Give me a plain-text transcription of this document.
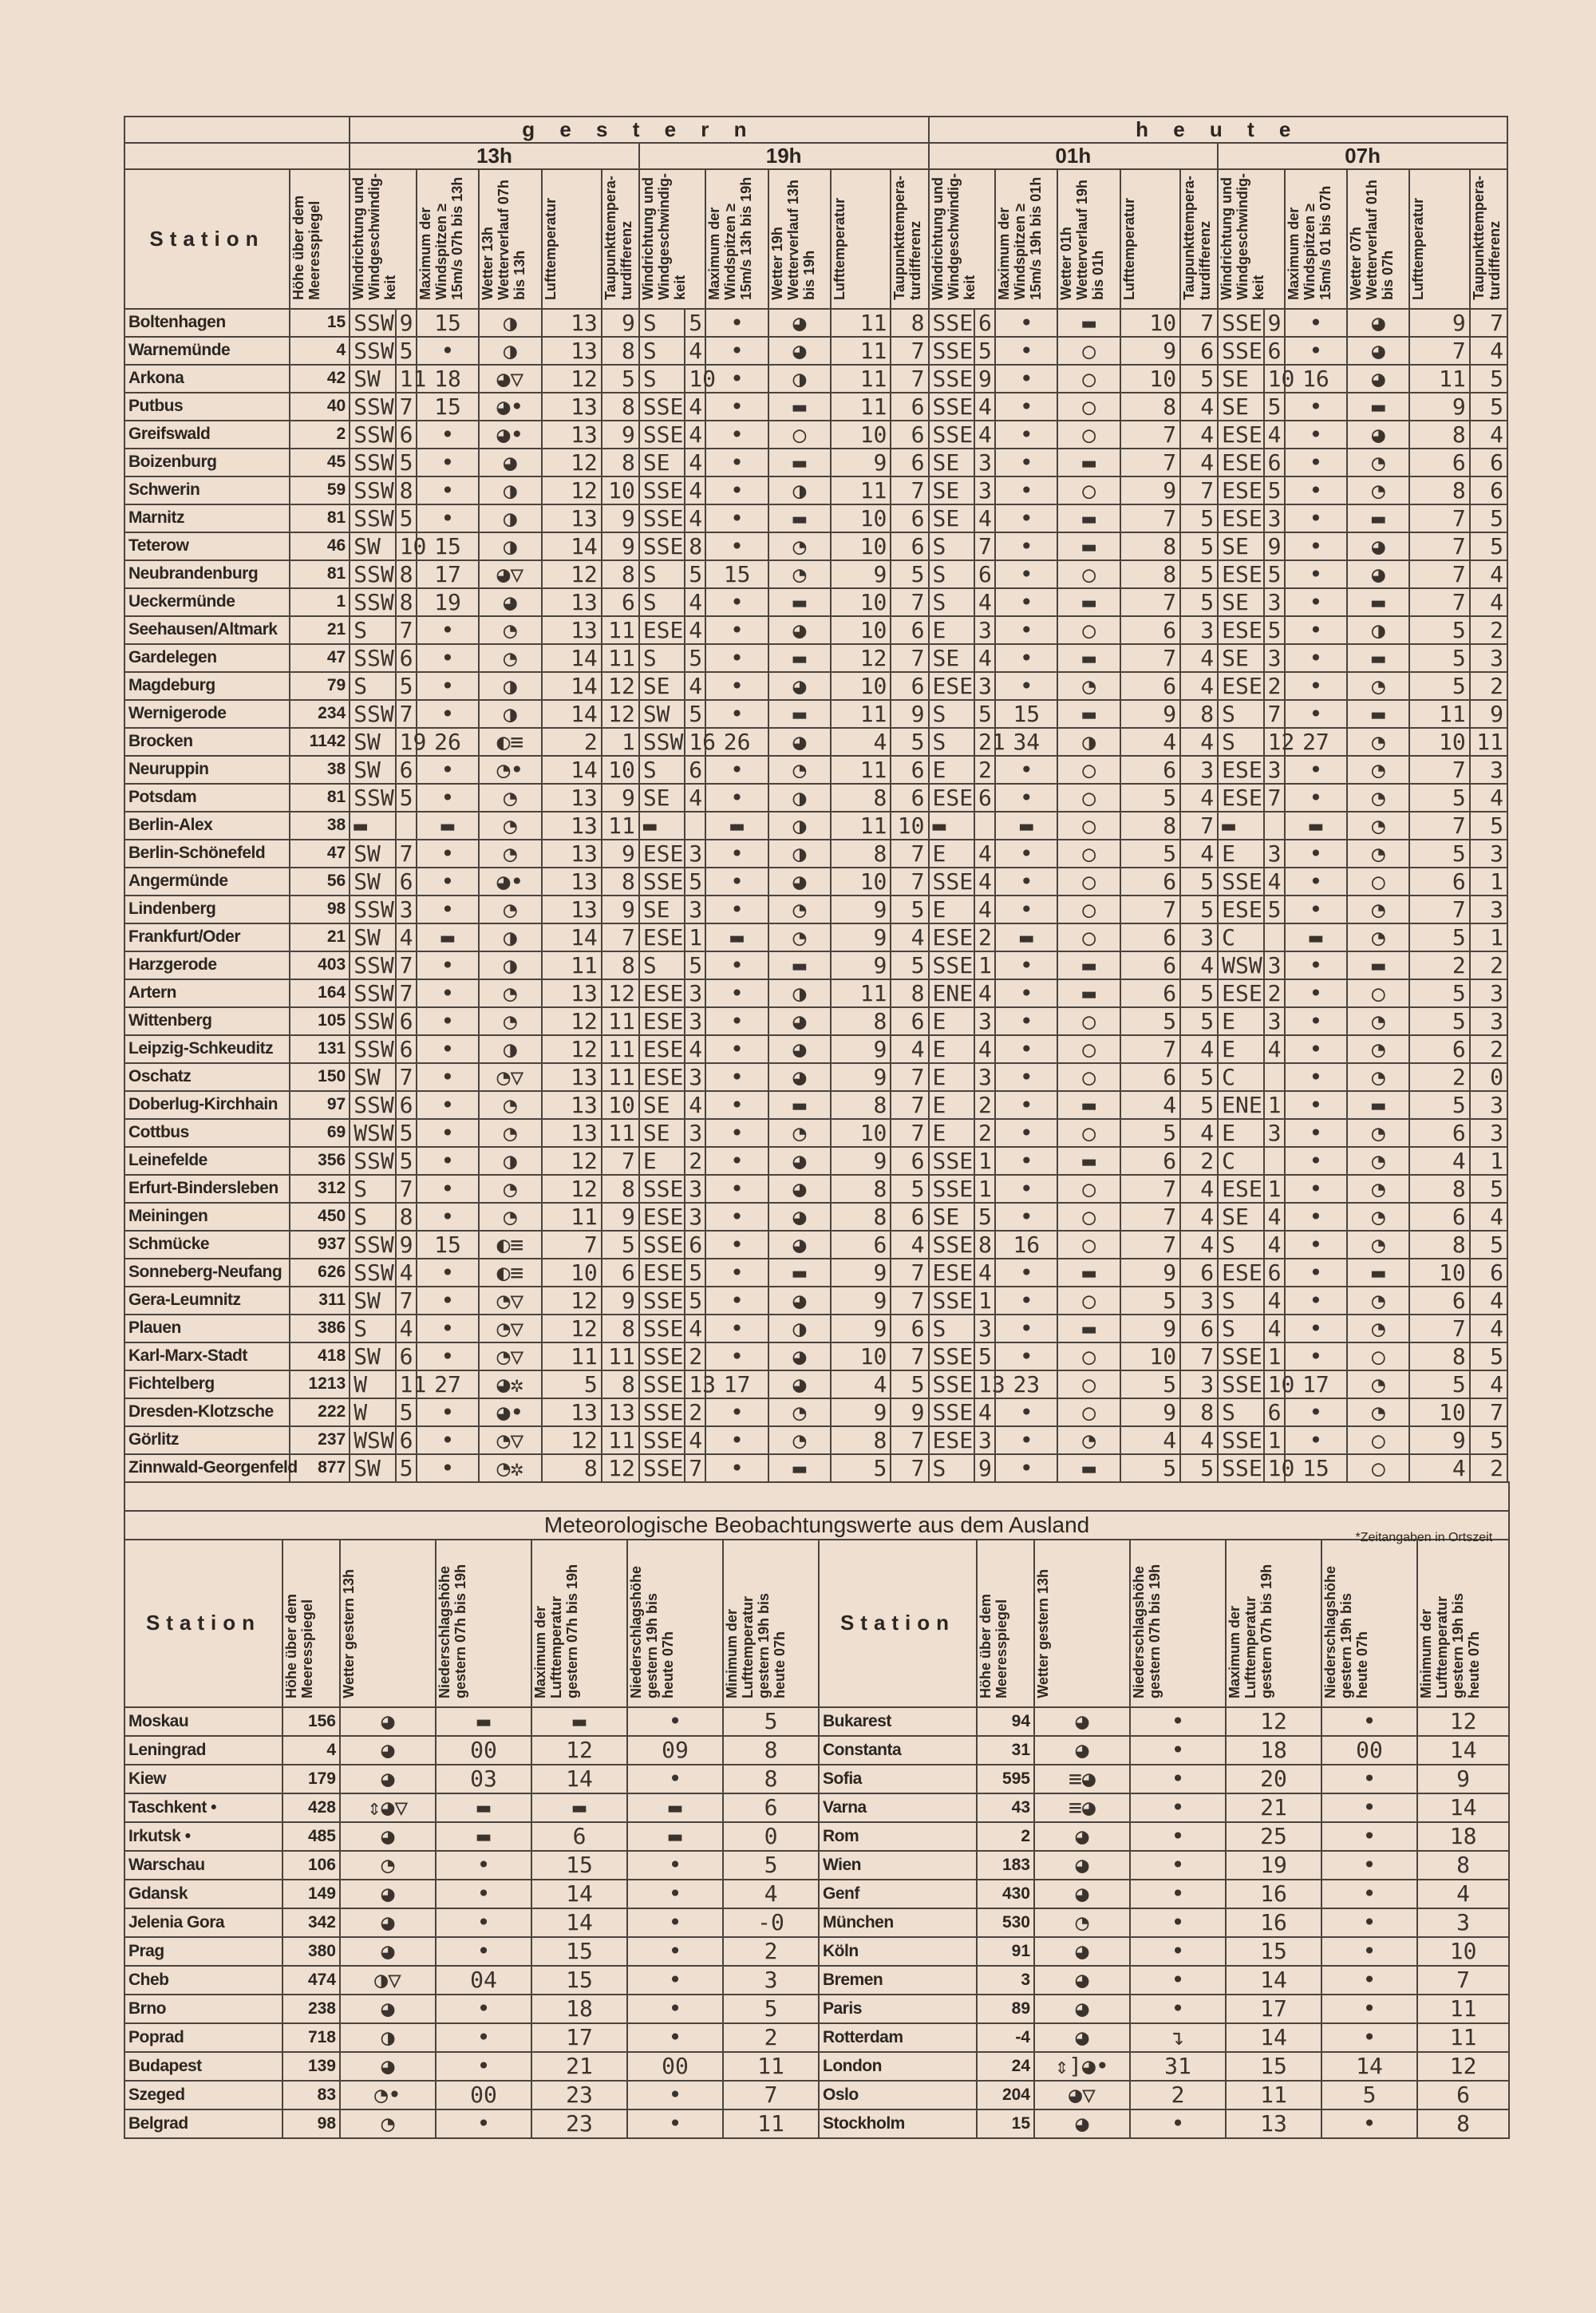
		g e s t e r n												h e u t e											
		13h						19h						01h						07h					
Station	Höhe über dem Meeresspiegel	Windrichtung und Windgeschwindig-keit		Maximum der Windspitzen ≥ 15m/s 07h bis 13h	Wetter 13h Wetterverlauf 07h bis 13h	Lufttemperatur	Taupunkttempera-turdifferenz	Windrichtung und Windgeschwindig-keit		Maximum der Windspitzen ≥ 15m/s 13h bis 19h	Wetter 19h Wetterverlauf 13h bis 19h	Lufttemperatur	Taupunkttempera-turdifferenz	Windrichtung und Windgeschwindig-keit		Maximum der Windspitzen ≥ 15m/s 19h bis 01h	Wetter 01h Wetterverlauf 19h bis 01h	Lufttemperatur	Taupunkttempera-turdifferenz	Windrichtung und Windgeschwindig-keit		Maximum der Windspitzen ≥ 15m/s 01 bis 07h	Wetter 07h Wetterverlauf 01h bis 07h	Lufttemperatur	Taupunkttempera-turdifferenz
Boltenhagen	15	SSW	9	15	◑	13	9	S	5	•	◕	11	8	SSE	6	•	▬	10	7	SSE	9	•	◕	9	7
Warnemünde	4	SSW	5	•	◑	13	8	S	4	•	◕	11	7	SSE	5	•	○	9	6	SSE	6	•	◕	7	4
Arkona	42	SW	11	18	◕▽	12	5	S	10	•	◑	11	7	SSE	9	•	○	10	5	SE	10	16	◕	11	5
Putbus	40	SSW	7	15	◕•	13	8	SSE	4	•	▬	11	6	SSE	4	•	○	8	4	SE	5	•	▬	9	5
Greifswald	2	SSW	6	•	◕•	13	9	SSE	4	•	○	10	6	SSE	4	•	○	7	4	ESE	4	•	◕	8	4
Boizenburg	45	SSW	5	•	◕	12	8	SE	4	•	▬	9	6	SE	3	•	▬	7	4	ESE	6	•	◔	6	6
Schwerin	59	SSW	8	•	◑	12	10	SSE	4	•	◑	11	7	SE	3	•	○	9	7	ESE	5	•	◔	8	6
Marnitz	81	SSW	5	•	◑	13	9	SSE	4	•	▬	10	6	SE	4	•	▬	7	5	ESE	3	•	▬	7	5
Teterow	46	SW	10	15	◑	14	9	SSE	8	•	◔	10	6	S	7	•	▬	8	5	SE	9	•	◕	7	5
Neubrandenburg	81	SSW	8	17	◕▽	12	8	S	5	15	◔	9	5	S	6	•	○	8	5	ESE	5	•	◕	7	4
Ueckermünde	1	SSW	8	19	◕	13	6	S	4	•	▬	10	7	S	4	•	▬	7	5	SE	3	•	▬	7	4
Seehausen/Altmark	21	S	7	•	◔	13	11	ESE	4	•	◕	10	6	E	3	•	○	6	3	ESE	5	•	◑	5	2
Gardelegen	47	SSW	6	•	◔	14	11	S	5	•	▬	12	7	SE	4	•	▬	7	4	SE	3	•	▬	5	3
Magdeburg	79	S	5	•	◑	14	12	SE	4	•	◕	10	6	ESE	3	•	◔	6	4	ESE	2	•	◔	5	2
Wernigerode	234	SSW	7	•	◑	14	12	SW	5	•	▬	11	9	S	5	15	▬	9	8	S	7	•	▬	11	9
Brocken	1142	SW	19	26	◐≡	2	1	SSW	16	26	◕	4	5	S	21	34	◑	4	4	S	12	27	◔	10	11
Neuruppin	38	SW	6	•	◔•	14	10	S	6	•	◔	11	6	E	2	•	○	6	3	ESE	3	•	◔	7	3
Potsdam	81	SSW	5	•	◔	13	9	SE	4	•	◑	8	6	ESE	6	•	○	5	4	ESE	7	•	◔	5	4
Berlin-Alex	38	▬		▬	◔	13	11	▬		▬	◑	11	10	▬		▬	○	8	7	▬		▬	◔	7	5
Berlin-Schönefeld	47	SW	7	•	◔	13	9	ESE	3	•	◑	8	7	E	4	•	○	5	4	E	3	•	◔	5	3
Angermünde	56	SW	6	•	◕•	13	8	SSE	5	•	◕	10	7	SSE	4	•	○	6	5	SSE	4	•	○	6	1
Lindenberg	98	SSW	3	•	◔	13	9	SE	3	•	◔	9	5	E	4	•	○	7	5	ESE	5	•	◔	7	3
Frankfurt/Oder	21	SW	4	▬	◑	14	7	ESE	1	▬	◔	9	4	ESE	2	▬	○	6	3	C		▬	◔	5	1
Harzgerode	403	SSW	7	•	◑	11	8	S	5	•	▬	9	5	SSE	1	•	▬	6	4	WSW	3	•	▬	2	2
Artern	164	SSW	7	•	◔	13	12	ESE	3	•	◑	11	8	ENE	4	•	▬	6	5	ESE	2	•	○	5	3
Wittenberg	105	SSW	6	•	◔	12	11	ESE	3	•	◕	8	6	E	3	•	○	5	5	E	3	•	◔	5	3
Leipzig-Schkeuditz	131	SSW	6	•	◑	12	11	ESE	4	•	◕	9	4	E	4	•	○	7	4	E	4	•	◔	6	2
Oschatz	150	SW	7	•	◔▽	13	11	ESE	3	•	◕	9	7	E	3	•	○	6	5	C		•	◔	2	0
Doberlug-Kirchhain	97	SSW	6	•	◔	13	10	SE	4	•	▬	8	7	E	2	•	▬	4	5	ENE	1	•	▬	5	3
Cottbus	69	WSW	5	•	◔	13	11	SE	3	•	◔	10	7	E	2	•	○	5	4	E	3	•	◔	6	3
Leinefelde	356	SSW	5	•	◑	12	7	E	2	•	◕	9	6	SSE	1	•	▬	6	2	C		•	◔	4	1
Erfurt-Bindersleben	312	S	7	•	◔	12	8	SSE	3	•	◕	8	5	SSE	1	•	○	7	4	ESE	1	•	◔	8	5
Meiningen	450	S	8	•	◔	11	9	ESE	3	•	◕	8	6	SE	5	•	○	7	4	SE	4	•	◔	6	4
Schmücke	937	SSW	9	15	◐≡	7	5	SSE	6	•	◕	6	4	SSE	8	16	○	7	4	S	4	•	◔	8	5
Sonneberg-Neufang	626	SSW	4	•	◐≡	10	6	ESE	5	•	▬	9	7	ESE	4	•	▬	9	6	ESE	6	•	▬	10	6
Gera-Leumnitz	311	SW	7	•	◔▽	12	9	SSE	5	•	◕	9	7	SSE	1	•	○	5	3	S	4	•	◔	6	4
Plauen	386	S	4	•	◔▽	12	8	SSE	4	•	◑	9	6	S	3	•	▬	9	6	S	4	•	◔	7	4
Karl-Marx-Stadt	418	SW	6	•	◔▽	11	11	SSE	2	•	◕	10	7	SSE	5	•	○	10	7	SSE	1	•	○	8	5
Fichtelberg	1213	W	11	27	◕✲	5	8	SSE	13	17	◕	4	5	SSE	13	23	○	5	3	SSE	10	17	◔	5	4
Dresden-Klotzsche	222	W	5	•	◕•	13	13	SSE	2	•	◔	9	9	SSE	4	•	○	9	8	S	6	•	◔	10	7
Görlitz	237	WSW	6	•	◔▽	12	11	SSE	4	•	◔	8	7	ESE	3	•	◔	4	4	SSE	1	•	○	9	5
Zinnwald-Georgenfeld	877	SW	5	•	◔✲	8	12	SSE	7	•	▬	5	7	S	9	•	▬	5	5	SSE	10	15	○	4	2

Meteorologische Beobachtungswerte aus dem Ausland
*Zeitangaben in Ortszeit													

Station	Höhe über dem Meeresspiegel	Wetter gestern 13h	Niederschlagshöhe gestern 07h bis 19h	Maximum der Lufttemperatur gestern 07h bis 19h	Niederschlagshöhe gestern 19h bis heute 07h	Minimum der Lufttemperatur gestern 19h bis heute 07h	Station	Höhe über dem Meeresspiegel	Wetter gestern 13h	Niederschlagshöhe gestern 07h bis 19h	Maximum der Lufttemperatur gestern 07h bis 19h	Niederschlagshöhe gestern 19h bis heute 07h	Minimum der Lufttemperatur gestern 19h bis heute 07h
Moskau	156	◕	▬	▬	•	5	Bukarest	94	◕	•	12	•	12
Leningrad	4	◕	00	12	09	8	Constanta	31	◕	•	18	00	14
Kiew	179	◕	03	14	•	8	Sofia	595	≡◕	•	20	•	9
Taschkent •	428	⇕◕▽	▬	▬	▬	6	Varna	43	≡◕	•	21	•	14
Irkutsk •	485	◕	▬	6	▬	0	Rom	2	◕	•	25	•	18
Warschau	106	◔	•	15	•	5	Wien	183	◕	•	19	•	8
Gdansk	149	◕	•	14	•	4	Genf	430	◕	•	16	•	4
Jelenia Gora	342	◕	•	14	•	-0	München	530	◔	•	16	•	3
Prag	380	◕	•	15	•	2	Köln	91	◕	•	15	•	10
Cheb	474	◑▽	04	15	•	3	Bremen	3	◕	•	14	•	7
Brno	238	◕	•	18	•	5	Paris	89	◕	•	17	•	11
Poprad	718	◑	•	17	•	2	Rotterdam	-4	◕	↴	14	•	11
Budapest	139	◕	•	21	00	11	London	24	⇕]◕•	31	15	14	12
Szeged	83	◔•	00	23	•	7	Oslo	204	◕▽	2	11	5	6
Belgrad	98	◔	•	23	•	11	Stockholm	15	◕	•	13	•	8
